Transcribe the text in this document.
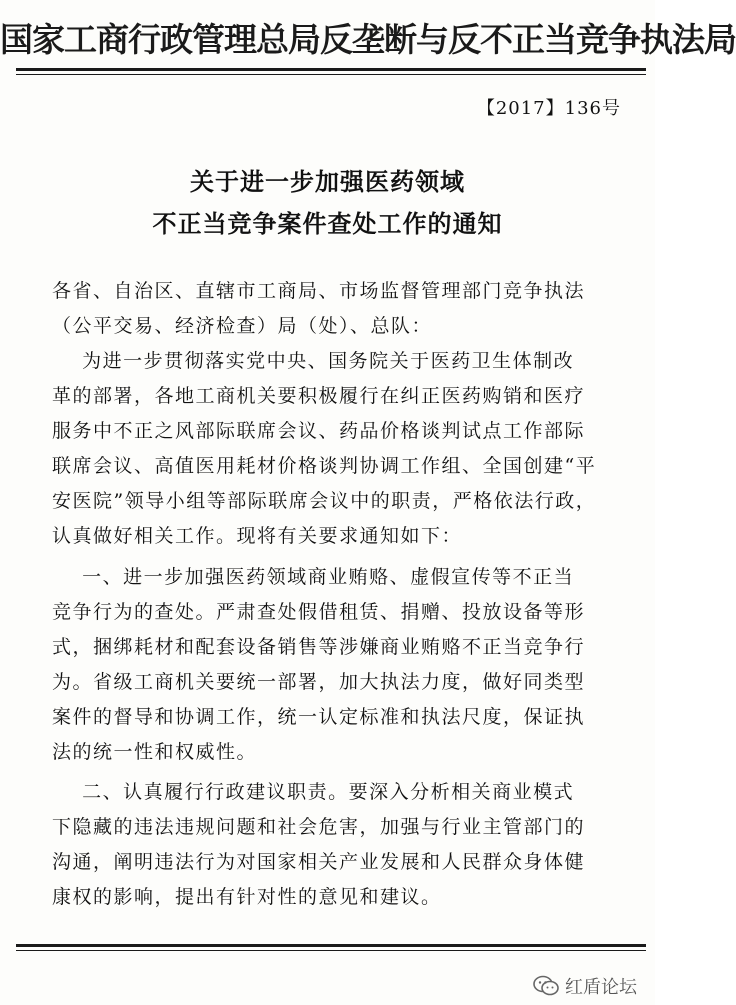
国家工商行政管理总局反垄断与反不正当竞争执法局
【2017】136号
关于进一步加强医药领域
不正当竞争案件查处工作的通知
各省、自治区、直辖市工商局、市场监督管理部门竞争执法
（公平交易、经济检查）局（处）、总队：
为进一步贯彻落实党中央、国务院关于医药卫生体制改
革的部署，各地工商机关要积极履行在纠正医药购销和医疗
服务中不正之风部际联席会议、药品价格谈判试点工作部际
联席会议、高值医用耗材价格谈判协调工作组、全国创建“平
安医院”领导小组等部际联席会议中的职责，严格依法行政，
认真做好相关工作。现将有关要求通知如下：
一、进一步加强医药领域商业贿赂、虚假宣传等不正当
竞争行为的查处。严肃查处假借租赁、捐赠、投放设备等形
式，捆绑耗材和配套设备销售等涉嫌商业贿赂不正当竞争行
为。省级工商机关要统一部署，加大执法力度，做好同类型
案件的督导和协调工作，统一认定标准和执法尺度，保证执
法的统一性和权威性。
二、认真履行行政建议职责。要深入分析相关商业模式
下隐藏的违法违规问题和社会危害，加强与行业主管部门的
沟通，阐明违法行为对国家相关产业发展和人民群众身体健
康权的影响，提出有针对性的意见和建议。
红盾论坛
